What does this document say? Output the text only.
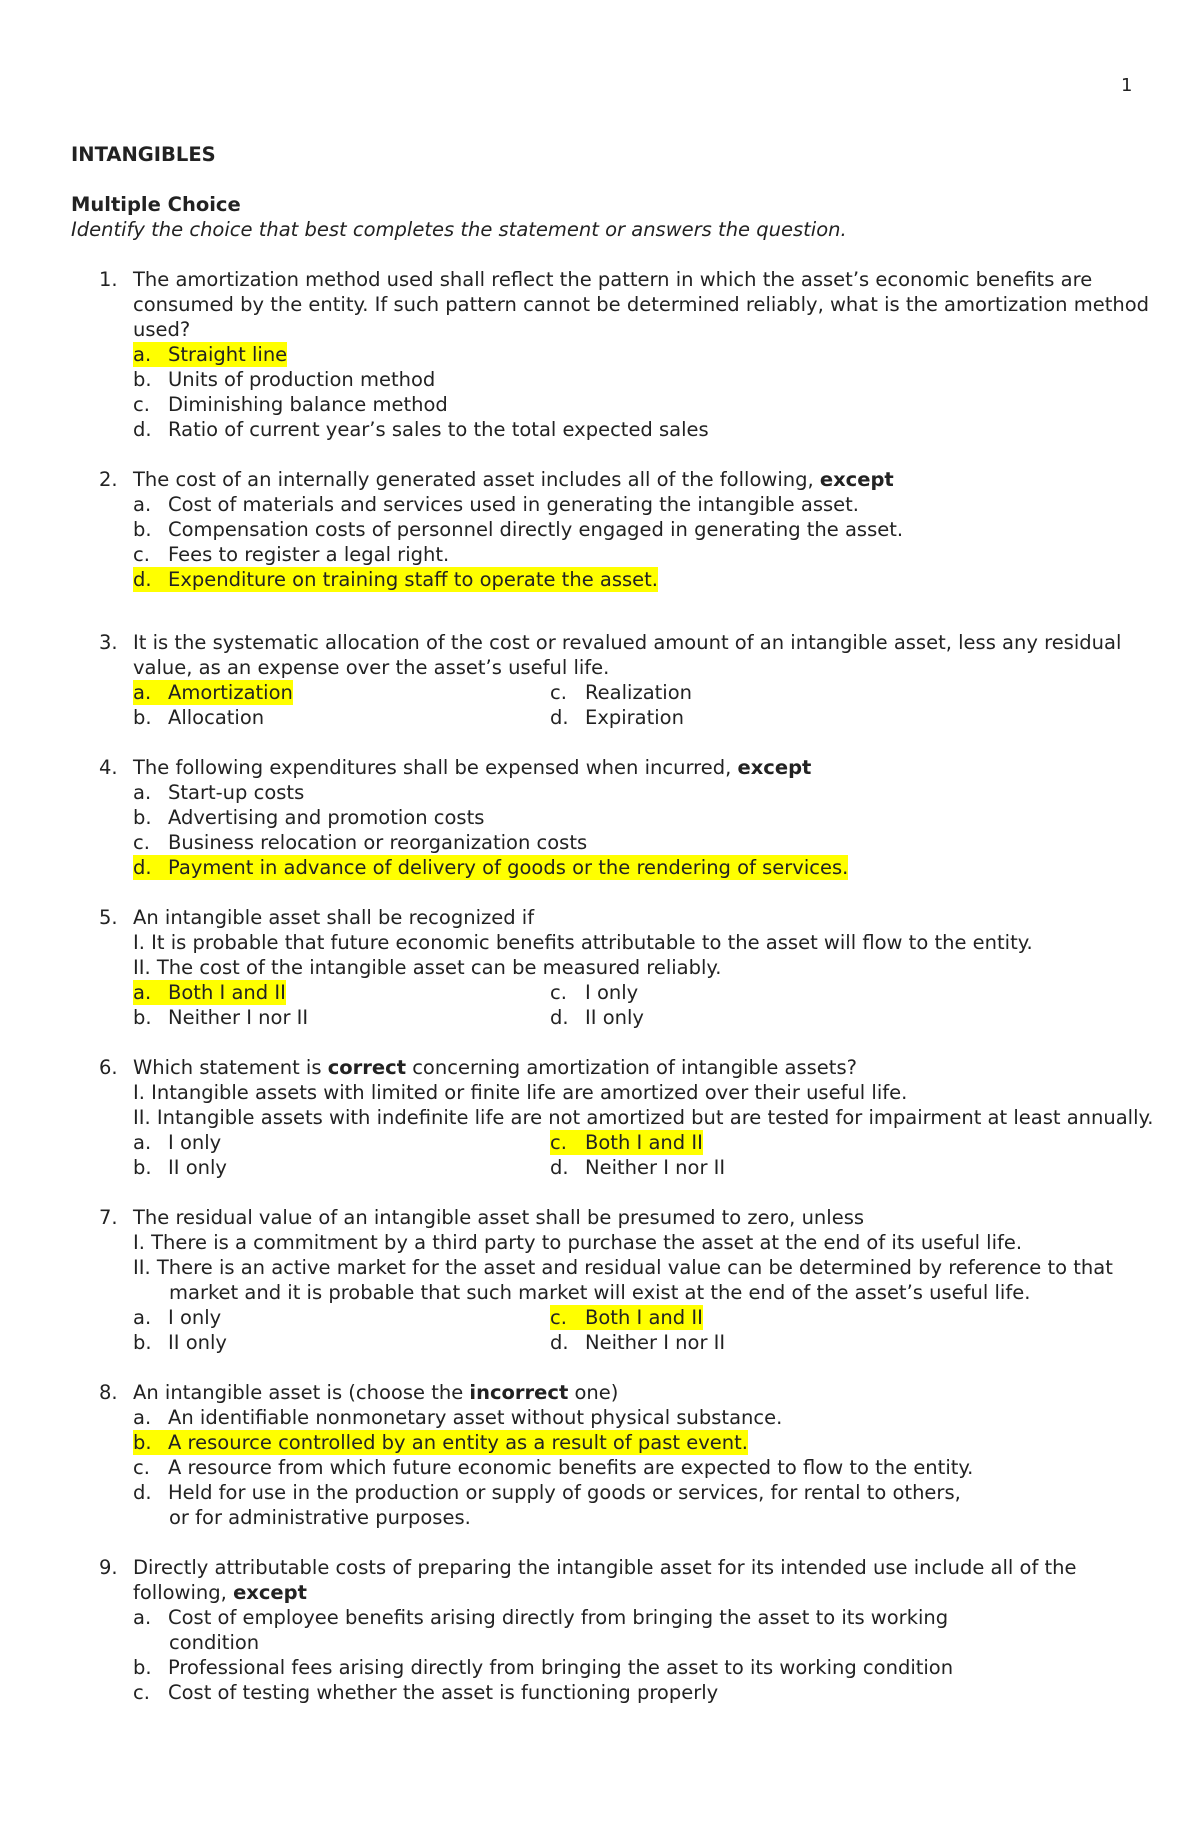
1
INTANGIBLES
Multiple Choice
Identify the choice that best completes the statement or answers the question.
1. The amortization method used shall reflect the pattern in which the asset’s economic benefits are
consumed by the entity. If such pattern cannot be determined reliably, what is the amortization method
used?
a. Straight line
b. Units of production method
c. Diminishing balance method
d. Ratio of current year’s sales to the total expected sales
2. The cost of an internally generated asset includes all of the following, except
a. Cost of materials and services used in generating the intangible asset.
b. Compensation costs of personnel directly engaged in generating the asset.
c. Fees to register a legal right.
d. Expenditure on training staff to operate the asset.
3. It is the systematic allocation of the cost or revalued amount of an intangible asset, less any residual
value, as an expense over the asset’s useful life.
a. Amortization	c. Realization
b. Allocation	d. Expiration
4. The following expenditures shall be expensed when incurred, except
a. Start-up costs
b. Advertising and promotion costs
c. Business relocation or reorganization costs
d. Payment in advance of delivery of goods or the rendering of services.
5. An intangible asset shall be recognized if
I. It is probable that future economic benefits attributable to the asset will flow to the entity.
II. The cost of the intangible asset can be measured reliably.
a. Both I and II	c. I only
b. Neither I nor II	d. II only
6. Which statement is correct concerning amortization of intangible assets?
I. Intangible assets with limited or finite life are amortized over their useful life.
II. Intangible assets with indefinite life are not amortized but are tested for impairment at least annually.
a. I only	c. Both I and II
b. II only	d. Neither I nor II
7. The residual value of an intangible asset shall be presumed to zero, unless
I. There is a commitment by a third party to purchase the asset at the end of its useful life.
II. There is an active market for the asset and residual value can be determined by reference to that
market and it is probable that such market will exist at the end of the asset’s useful life.
a. I only	c. Both I and II
b. II only	d. Neither I nor II
8. An intangible asset is (choose the incorrect one)
a. An identifiable nonmonetary asset without physical substance.
b. A resource controlled by an entity as a result of past event.
c. A resource from which future economic benefits are expected to flow to the entity.
d. Held for use in the production or supply of goods or services, for rental to others,
or for administrative purposes.
9. Directly attributable costs of preparing the intangible asset for its intended use include all of the
following, except
a. Cost of employee benefits arising directly from bringing the asset to its working
condition
b. Professional fees arising directly from bringing the asset to its working condition
c. Cost of testing whether the asset is functioning properly
